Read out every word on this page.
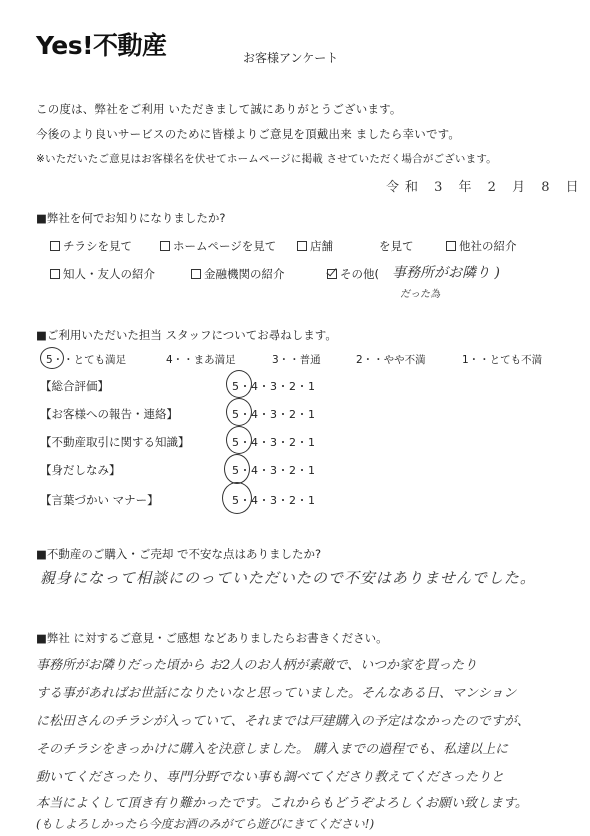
Yes!不動産	お客様アンケート
この度は、弊社をご利用 いただきまして誠にありがとうございます。
今後のより良いサービスのために皆様よりご意見を頂戴出来 ましたら幸いです。
※いただいたご意見はお客様名を伏せてホームページに掲載 させていただく場合がございます。
令和 3 年 2 月 8 日
■弊社を何でお知りになりましたか?
チラシを見て	ホームページを見て	店舗	を見て	他社の紹介
知人・友人の紹介	金融機関の紹介	その他( 事務所がお隣り )
だった為
■ご利用いただいた担当 スタッフについてお尋ねします。
5・・とても満足	4・・まあ満足	3・・普通	2・・やや不満	1・・とても不満
【総合評価】	5・4・3・2・1
【お客様への報告・連絡】	5・4・3・2・1
【不動産取引に関する知識】	5・4・3・2・1
【身だしなみ】	5・4・3・2・1
【言葉づかい マナー】	5・4・3・2・1
■不動産のご購入・ご売却 で不安な点はありましたか?
親身になって相談にのっていただいたので不安はありませんでした。
■弊社 に対するご意見・ご感想 などありましたらお書きください。
事務所がお隣りだった頃から お2人のお人柄が素敵で、いつか家を買ったり
する事があればお世話になりたいなと思っていました。そんなある日、マンション
に松田さんのチラシが入っていて、それまでは戸建購入の予定はなかったのですが、
そのチラシをきっかけに購入を決意しました。 購入までの過程でも、私達以上に
動いてくださったり、専門分野でない事も調べてくださり教えてくださったりと
本当によくして頂き有り難かったです。これからもどうぞよろしくお願い致します。
(もしよろしかったら今度お酒のみがてら遊びにきてください!)
